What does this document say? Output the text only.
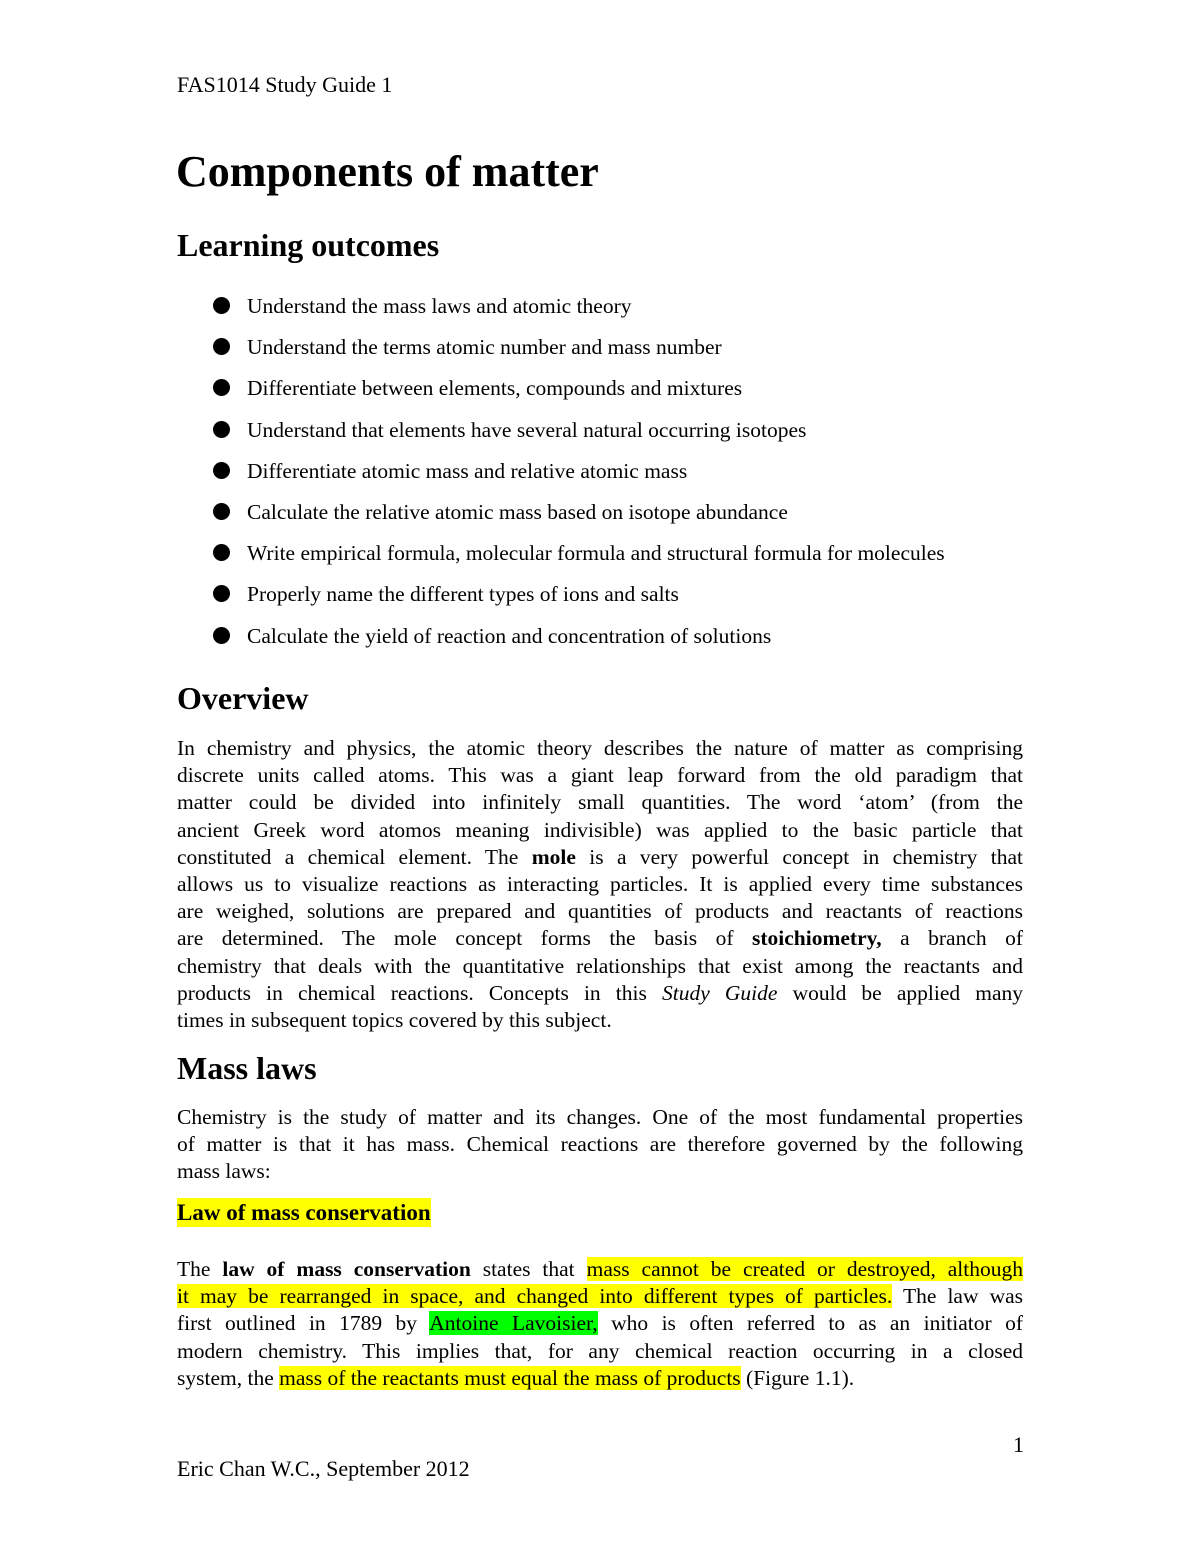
FAS1014 Study Guide 1
Components of matter
Learning outcomes
Understand the mass laws and atomic theory
Understand the terms atomic number and mass number
Differentiate between elements, compounds and mixtures
Understand that elements have several natural occurring isotopes
Differentiate atomic mass and relative atomic mass
Calculate the relative atomic mass based on isotope abundance
Write empirical formula, molecular formula and structural formula for molecules
Properly name the different types of ions and salts
Calculate the yield of reaction and concentration of solutions
Overview
In chemistry and physics, the atomic theory describes the nature of matter as comprising
discrete units called atoms. This was a giant leap forward from the old paradigm that
matter could be divided into infinitely small quantities. The word ‘atom’ (from the
ancient Greek word atomos meaning indivisible) was applied to the basic particle that
constituted a chemical element. The mole is a very powerful concept in chemistry that
allows us to visualize reactions as interacting particles. It is applied every time substances
are weighed, solutions are prepared and quantities of products and reactants of reactions
are determined. The mole concept forms the basis of stoichiometry, a branch of
chemistry that deals with the quantitative relationships that exist among the reactants and
products in chemical reactions. Concepts in this Study Guide would be applied many
times in subsequent topics covered by this subject.
Mass laws
Chemistry is the study of matter and its changes. One of the most fundamental properties
of matter is that it has mass. Chemical reactions are therefore governed by the following
mass laws:
Law of mass conservation
The law of mass conservation states that mass cannot be created or destroyed, although
it may be rearranged in space, and changed into different types of particles. The law was
first outlined in 1789 by Antoine Lavoisier, who is often referred to as an initiator of
modern chemistry. This implies that, for any chemical reaction occurring in a closed
system, the mass of the reactants must equal the mass of products (Figure 1.1).
1
Eric Chan W.C., September 2012
